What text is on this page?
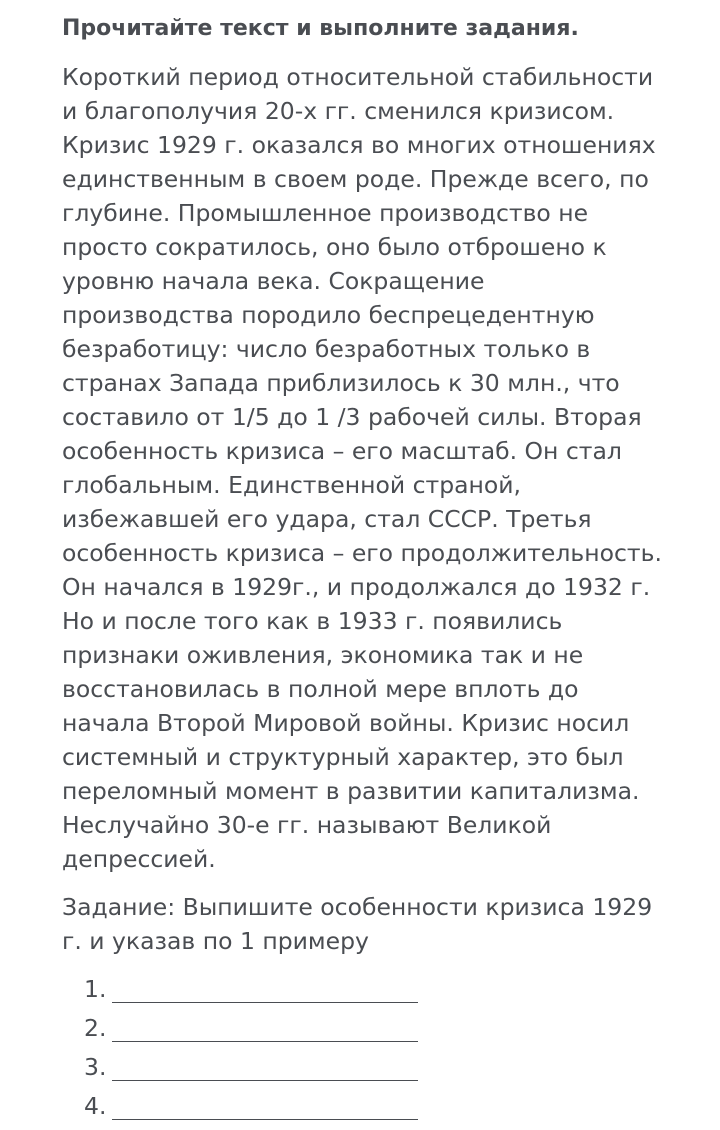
Прочитайте текст и выполните задания.

Короткий период относительной стабильности
и благополучия 20-х гг. сменился кризисом.
Кризис 1929 г. оказался во многих отношениях
единственным в своем роде. Прежде всего, по
глубине. Промышленное производство не
просто сократилось, оно было отброшено к
уровню начала века. Сокращение
производства породило беспрецедентную
безработицу: число безработных только в
странах Запада приблизилось к 30 млн., что
составило от 1/5 до 1 /3 рабочей силы. Вторая
особенность кризиса – его масштаб. Он стал
глобальным. Единственной страной,
избежавшей его удара, стал СССР. Третья
особенность кризиса – его продолжительность.
Он начался в 1929г., и продолжался до 1932 г.
Но и после того как в 1933 г. появились
признаки оживления, экономика так и не
восстановилась в полной мере вплоть до
начала Второй Мировой войны. Кризис носил
системный и структурный характер, это был
переломный момент в развитии капитализма.
Неслучайно 30-е гг. называют Великой
депрессией.

Задание: Выпишите особенности кризиса 1929
г. и указав по 1 примеру

1.
2.
3.
4.
